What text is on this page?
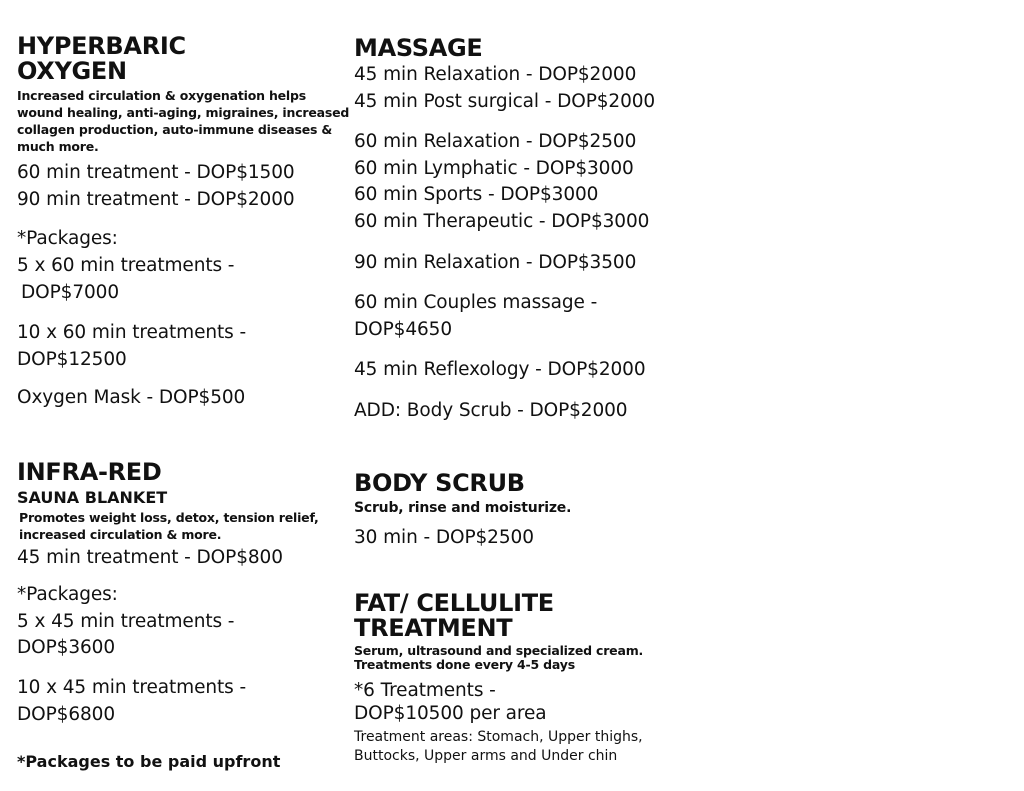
HYPERBARIC
OXYGEN
Increased circulation & oxygenation helps
wound healing, anti-aging, migraines, increased
collagen production, auto-immune diseases &
much more.
60 min treatment - DOP$1500
90 min treatment - DOP$2000
*Packages:
5 x 60 min treatments -
DOP$7000
10 x 60 min treatments -
DOP$12500
Oxygen Mask - DOP$500
INFRA-RED
SAUNA BLANKET
Promotes weight loss, detox, tension relief,
increased circulation & more.
45 min treatment - DOP$800
*Packages:
5 x 45 min treatments -
DOP$3600
10 x 45 min treatments -
DOP$6800
*Packages to be paid upfront
MASSAGE
45 min Relaxation - DOP$2000
45 min Post surgical - DOP$2000
60 min Relaxation - DOP$2500
60 min Lymphatic - DOP$3000
60 min Sports - DOP$3000
60 min Therapeutic - DOP$3000
90 min Relaxation - DOP$3500
60 min Couples massage -
DOP$4650
45 min Reflexology - DOP$2000
ADD: Body Scrub - DOP$2000
BODY SCRUB
Scrub, rinse and moisturize.
30 min - DOP$2500
FAT/ CELLULITE
TREATMENT
Serum, ultrasound and specialized cream.
Treatments done every 4-5 days
*6 Treatments -
DOP$10500 per area
Treatment areas: Stomach, Upper thighs,
Buttocks, Upper arms and Under chin
